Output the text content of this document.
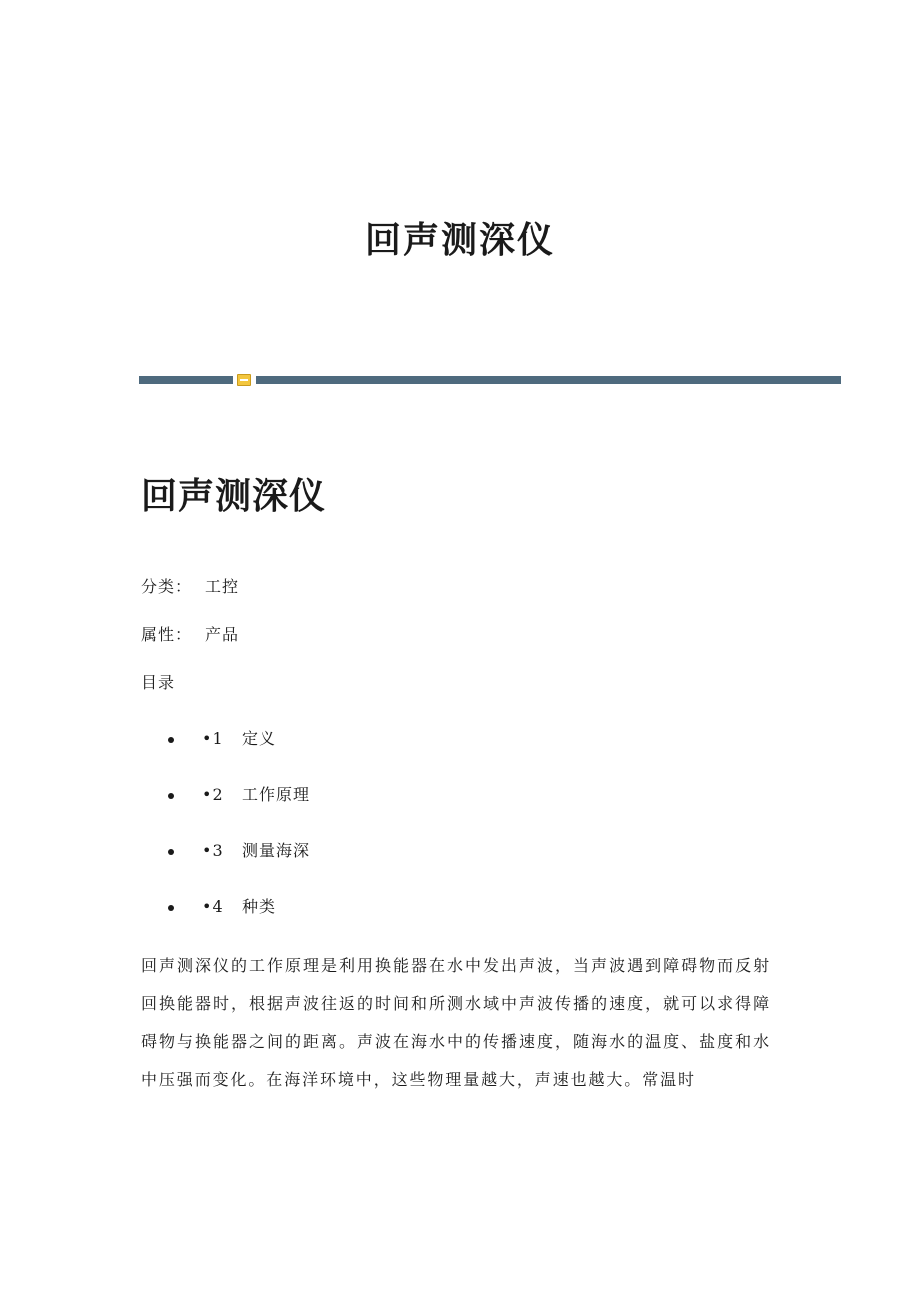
回声测深仪
回声测深仪
分类： 工控
属性： 产品
目录
•1 定义
•2 工作原理
•3 测量海深
•4 种类

回声测深仪的工作原理是利用换能器在水中发出声波，当声波遇到障碍物而反射回换能器时，根据声波往返的时间和所测水域中声波传播的速度，就可以求得障碍物与换能器之间的距离。声波在海水中的传播速度，随海水的温度、盐度和水中压强而变化。在海洋环境中，这些物理量越大，声速也越大。常温时
